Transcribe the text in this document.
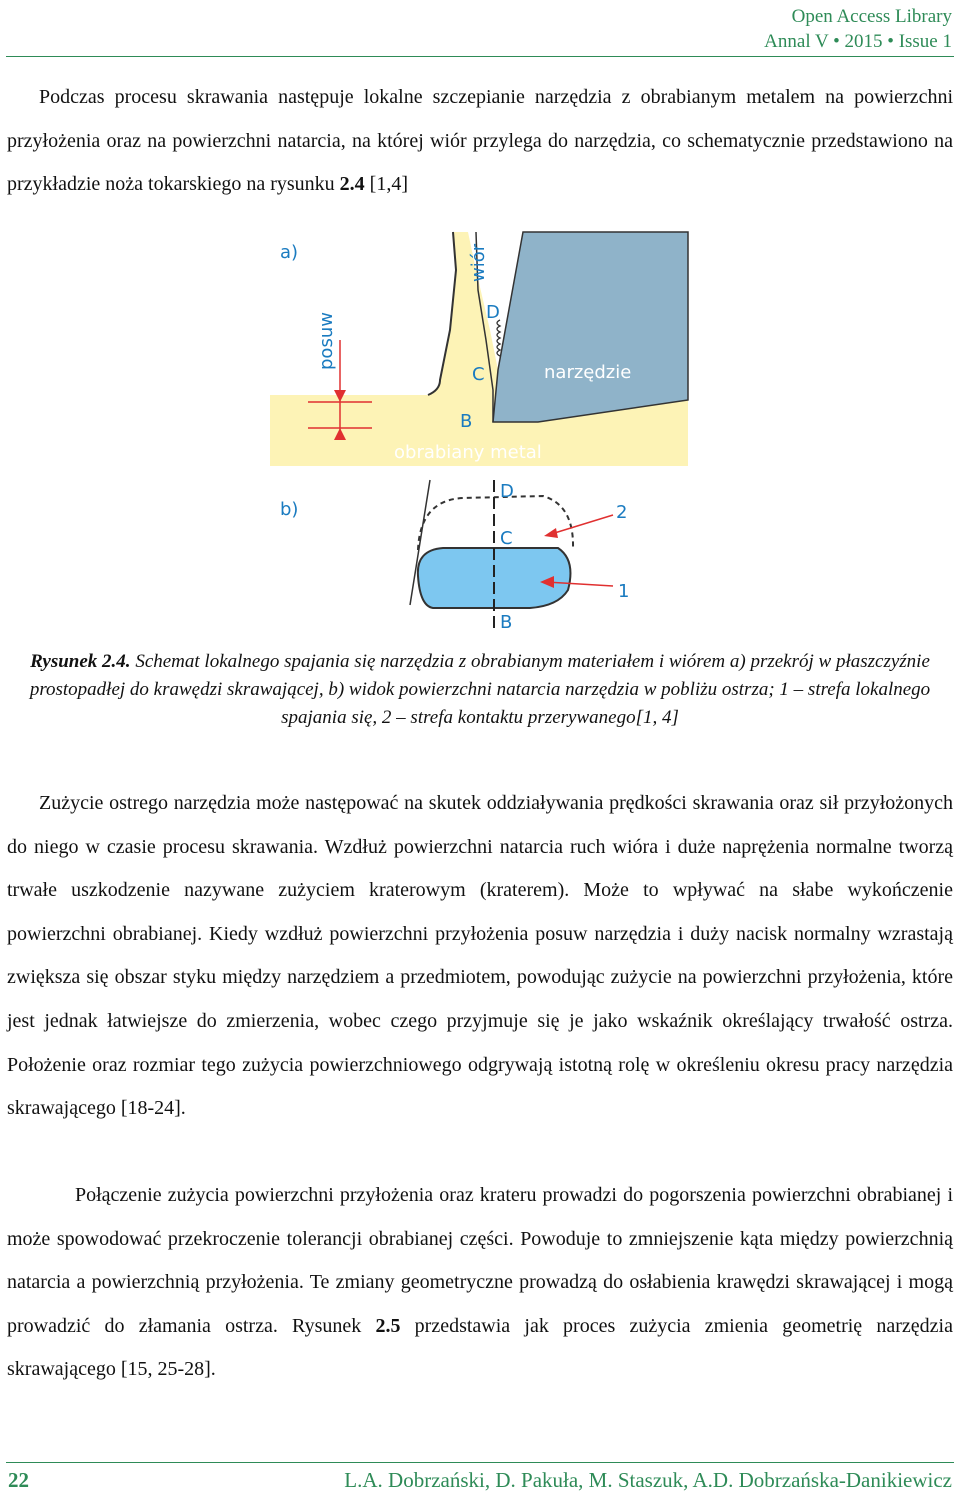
Open Access Library
Annal V • 2015 • Issue 1

Podczas procesu skrawania następuje lokalne szczepianie narzędzia z obrabianym metalem na powierzchni przyłożenia oraz na powierzchni natarcia, na której wiór przylega do narzędzia, co schematycznie przedstawiono na przykładzie noża tokarskiego na rysunku 2.4 [1,4]

a)
posuw
wiór
D
C
B
narzędzie
obrabiany metal
b)
D
C
B
2
1

Rysunek 2.4. Schemat lokalnego spajania się narzędzia z obrabianym materiałem i wiórem a) przekrój w płaszczyźnie prostopadłej do krawędzi skrawającej, b) widok powierzchni natarcia narzędzia w pobliżu ostrza; 1 – strefa lokalnego spajania się, 2 – strefa kontaktu przerywanego[1, 4]

Zużycie ostrego narzędzia może następować na skutek oddziaływania prędkości skrawania oraz sił przyłożonych do niego w czasie procesu skrawania. Wzdłuż powierzchni natarcia ruch wióra i duże naprężenia normalne tworzą trwałe uszkodzenie nazywane zużyciem kraterowym (kraterem). Może to wpływać na słabe wykończenie powierzchni obrabianej. Kiedy wzdłuż powierzchni przyłożenia posuw narzędzia i duży nacisk normalny wzrastają zwiększa się obszar styku między narzędziem a przedmiotem, powodując zużycie na powierzchni przyłożenia, które jest jednak łatwiejsze do zmierzenia, wobec czego przyjmuje się je jako wskaźnik określający trwałość ostrza. Położenie oraz rozmiar tego zużycia powierzchniowego odgrywają istotną rolę w określeniu okresu pracy narzędzia skrawającego [18-24].

Połączenie zużycia powierzchni przyłożenia oraz krateru prowadzi do pogorszenia powierzchni obrabianej i może spowodować przekroczenie tolerancji obrabianej części. Powoduje to zmniejszenie kąta między powierzchnią natarcia a powierzchnią przyłożenia. Te zmiany geometryczne prowadzą do osłabienia krawędzi skrawającej i mogą prowadzić do złamania ostrza. Rysunek 2.5 przedstawia jak proces zużycia zmienia geometrię narzędzia skrawającego [15, 25-28].

22	L.A. Dobrzański, D. Pakuła, M. Staszuk, A.D. Dobrzańska-Danikiewicz
